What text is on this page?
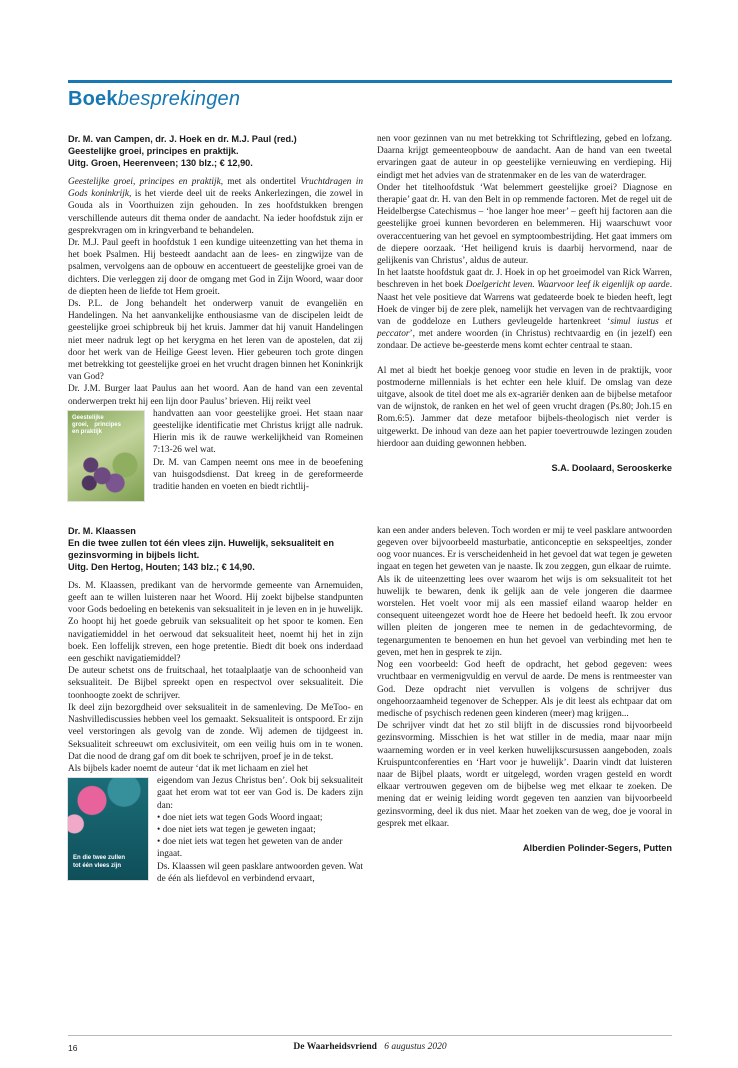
Boekbesprekingen
Dr. M. van Campen, dr. J. Hoek en dr. M.J. Paul (red.)
Geestelijke groei, principes en praktijk.
Uitg. Groen, Heerenveen; 130 blz.; € 12,90.

Geestelijke groei, principes en praktijk, met als ondertitel Vruchtdragen in Gods koninkrijk, is het vierde deel uit de reeks Ankerlezingen, die zowel in Gouda als in Voorthuizen zijn gehouden. In zes hoofdstukken brengen verschillende auteurs dit thema onder de aandacht. Na ieder hoofdstuk zijn er gesprekvragen om in kringverband te behandelen.

Dr. M.J. Paul geeft in hoofdstuk 1 een kundige uiteenzetting van het thema in het boek Psalmen. Hij besteedt aandacht aan de lees- en zingwijze van de psalmen, vervolgens aan de opbouw en accentueert de geestelijke groei van de dichters. Die verleggen zij door de omgang met God in Zijn Woord, waar door de diepten heen de liefde tot Hem groeit.

Ds. P.L. de Jong behandelt het onderwerp vanuit de evangeliën en Handelingen. Na het aanvankelijke enthousiasme van de discipelen leidt de geestelijke groei schipbreuk bij het kruis. Jammer dat hij vanuit Handelingen niet meer nadruk legt op het kerygma en het leren van de apostelen, dat zij door het werk van de Heilige Geest leven. Hier gebeuren toch grote dingen met betrekking tot geestelijke groei en het vrucht dragen binnen het Koninkrijk van God?

Dr. J.M. Burger laat Paulus aan het woord. Aan de hand van een zevental onderwerpen trekt hij een lijn door Paulus’ brieven. Hij reikt veel

Geestelijke groei, principes en praktijk

handvatten aan voor geestelijke groei. Het staan naar geestelijke identificatie met Christus krijgt alle nadruk. Hierin mis ik de rauwe werkelijkheid van Romeinen 7:13-26 wel wat.

Dr. M. van Campen neemt ons mee in de beoefening van huisgodsdienst. Dat kreeg in de gereformeerde traditie handen en voeten en biedt richtlij-

nen voor gezinnen van nu met betrekking tot Schriftlezing, gebed en lofzang. Daarna krijgt gemeenteopbouw de aandacht. Aan de hand van een tweetal ervaringen gaat de auteur in op geestelijke vernieuwing en verdieping. Hij eindigt met het advies van de stratenmaker en de les van de waterdrager.

Onder het titelhoofdstuk ‘Wat belemmert geestelijke groei? Diagnose en therapie’ gaat dr. H. van den Belt in op remmende factoren. Met de regel uit de Heidelbergse Catechismus – ‘hoe langer hoe meer’ – geeft hij factoren aan die geestelijke groei kunnen bevorderen en belemmeren. Hij waarschuwt voor overaccentuering van het gevoel en symptoombestrijding. Het gaat immers om de diepere oorzaak. ‘Het heiligend kruis is daarbij hervormend, naar de gelijkenis van Christus’, aldus de auteur.

In het laatste hoofdstuk gaat dr. J. Hoek in op het groeimodel van Rick Warren, beschreven in het boek Doelgericht leven. Waarvoor leef ik eigenlijk op aarde. Naast het vele positieve dat Warrens wat gedateerde boek te bieden heeft, legt Hoek de vinger bij de zere plek, namelijk het vervagen van de rechtvaardiging van de goddeloze en Luthers gevleugelde hartenkreet ‘simul iustus et peccator’, met andere woorden (in Christus) rechtvaardig en (in jezelf) een zondaar. De actieve be-geesterde mens komt echter centraal te staan.

Al met al biedt het boekje genoeg voor studie en leven in de praktijk, voor postmoderne millennials is het echter een hele kluif. De omslag van deze uitgave, alsook de titel doet me als ex-agrariër denken aan de bijbelse metafoor van de wijnstok, de ranken en het wel of geen vrucht dragen (Ps.80; Joh.15 en Rom.6:5). Jammer dat deze metafoor bijbels-theologisch niet verder is uitgewerkt. De inhoud van deze aan het papier toevertrouwde lezingen zouden hierdoor aan duiding gewonnen hebben.

S.A. Doolaard, Serooskerke
Dr. M. Klaassen
En die twee zullen tot één vlees zijn. Huwelijk, seksualiteit en gezinsvorming in bijbels licht.
Uitg. Den Hertog, Houten; 143 blz.; € 14,90.

Ds. M. Klaassen, predikant van de hervormde gemeente van Arnemuiden, geeft aan te willen luisteren naar het Woord. Hij zoekt bijbelse standpunten voor Gods bedoeling en betekenis van seksualiteit in je leven en in je huwelijk. Zo hoopt hij het goede gebruik van seksualiteit op het spoor te komen. Een navigatiemiddel in het oerwoud dat seksualiteit heet, noemt hij het in zijn boek. Een loffelijk streven, een hoge pretentie. Biedt dit boek ons inderdaad een geschikt navigatiemiddel?

De auteur schetst ons de fruitschaal, het totaalplaatje van de schoonheid van seksualiteit. De Bijbel spreekt open en respectvol over seksualiteit. Die toonhoogte zoekt de schrijver.

Ik deel zijn bezorgdheid over seksualiteit in de samenleving. De MeToo- en Nashvillediscussies hebben veel los gemaakt. Seksualiteit is ontspoord. Er zijn veel verstoringen als gevolg van de zonde. Wij ademen de tijdgeest in. Seksualiteit schreeuwt om exclusiviteit, om een veilig huis om in te wonen. Dat die nood de drang gaf om dit boek te schrijven, proef je in de tekst.

Als bijbels kader noemt de auteur ‘dat ik met lichaam en ziel het

En die twee zullen tot één vlees zijn

eigendom van Jezus Christus ben’. Ook bij seksualiteit gaat het erom wat tot eer van God is. De kaders zijn dan:

• doe niet iets wat tegen Gods Woord ingaat;
• doe niet iets wat tegen je geweten ingaat;
• doe niet iets wat tegen het geweten van de ander ingaat.

Ds. Klaassen wil geen pasklare antwoorden geven. Wat de één als liefdevol en verbindend ervaart,

kan een ander anders beleven. Toch worden er mij te veel pasklare antwoorden gegeven over bijvoorbeeld masturbatie, anticonceptie en sekspeeltjes, zonder oog voor nuances. Er is verscheidenheid in het gevoel dat wat tegen je geweten ingaat en tegen het geweten van je naaste. Ik zou zeggen, gun elkaar de ruimte.

Als ik de uiteenzetting lees over waarom het wijs is om seksualiteit tot het huwelijk te bewaren, denk ik gelijk aan de vele jongeren die daarmee worstelen. Het voelt voor mij als een massief eiland waarop helder en consequent uiteengezet wordt hoe de Heere het bedoeld heeft. Ik zou ervoor willen pleiten de jongeren mee te nemen in de gedachtevorming, de tegenargumenten te benoemen en hun het gevoel van verbinding met hen te geven, met hen in gesprek te zijn.

Nog een voorbeeld: God heeft de opdracht, het gebod gegeven: wees vruchtbaar en vermenigvuldig en vervul de aarde. De mens is rentmeester van God. Deze opdracht niet vervullen is volgens de schrijver dus ongehoorzaamheid tegenover de Schepper. Als je dit leest als echtpaar dat om medische of psychisch redenen geen kinderen (meer) mag krijgen...

De schrijver vindt dat het zo stil blijft in de discussies rond bijvoorbeeld gezinsvorming. Misschien is het wat stiller in de media, maar naar mijn waarneming worden er in veel kerken huwelijkscursussen aangeboden, zoals Kruispuntconferenties en ‘Hart voor je huwelijk’. Daarin vindt dat luisteren naar de Bijbel plaats, wordt er uitgelegd, worden vragen gesteld en wordt elkaar vertrouwen gegeven om de bijbelse weg met elkaar te zoeken. De mening dat er weinig leiding wordt gegeven ten aanzien van bijvoorbeeld gezinsvorming, deel ik dus niet. Maar het zoeken van de weg, doe je vooral in gesprek met elkaar.

Alberdien Polinder-Segers, Putten
16	De Waarheidsvriend 6 augustus 2020
